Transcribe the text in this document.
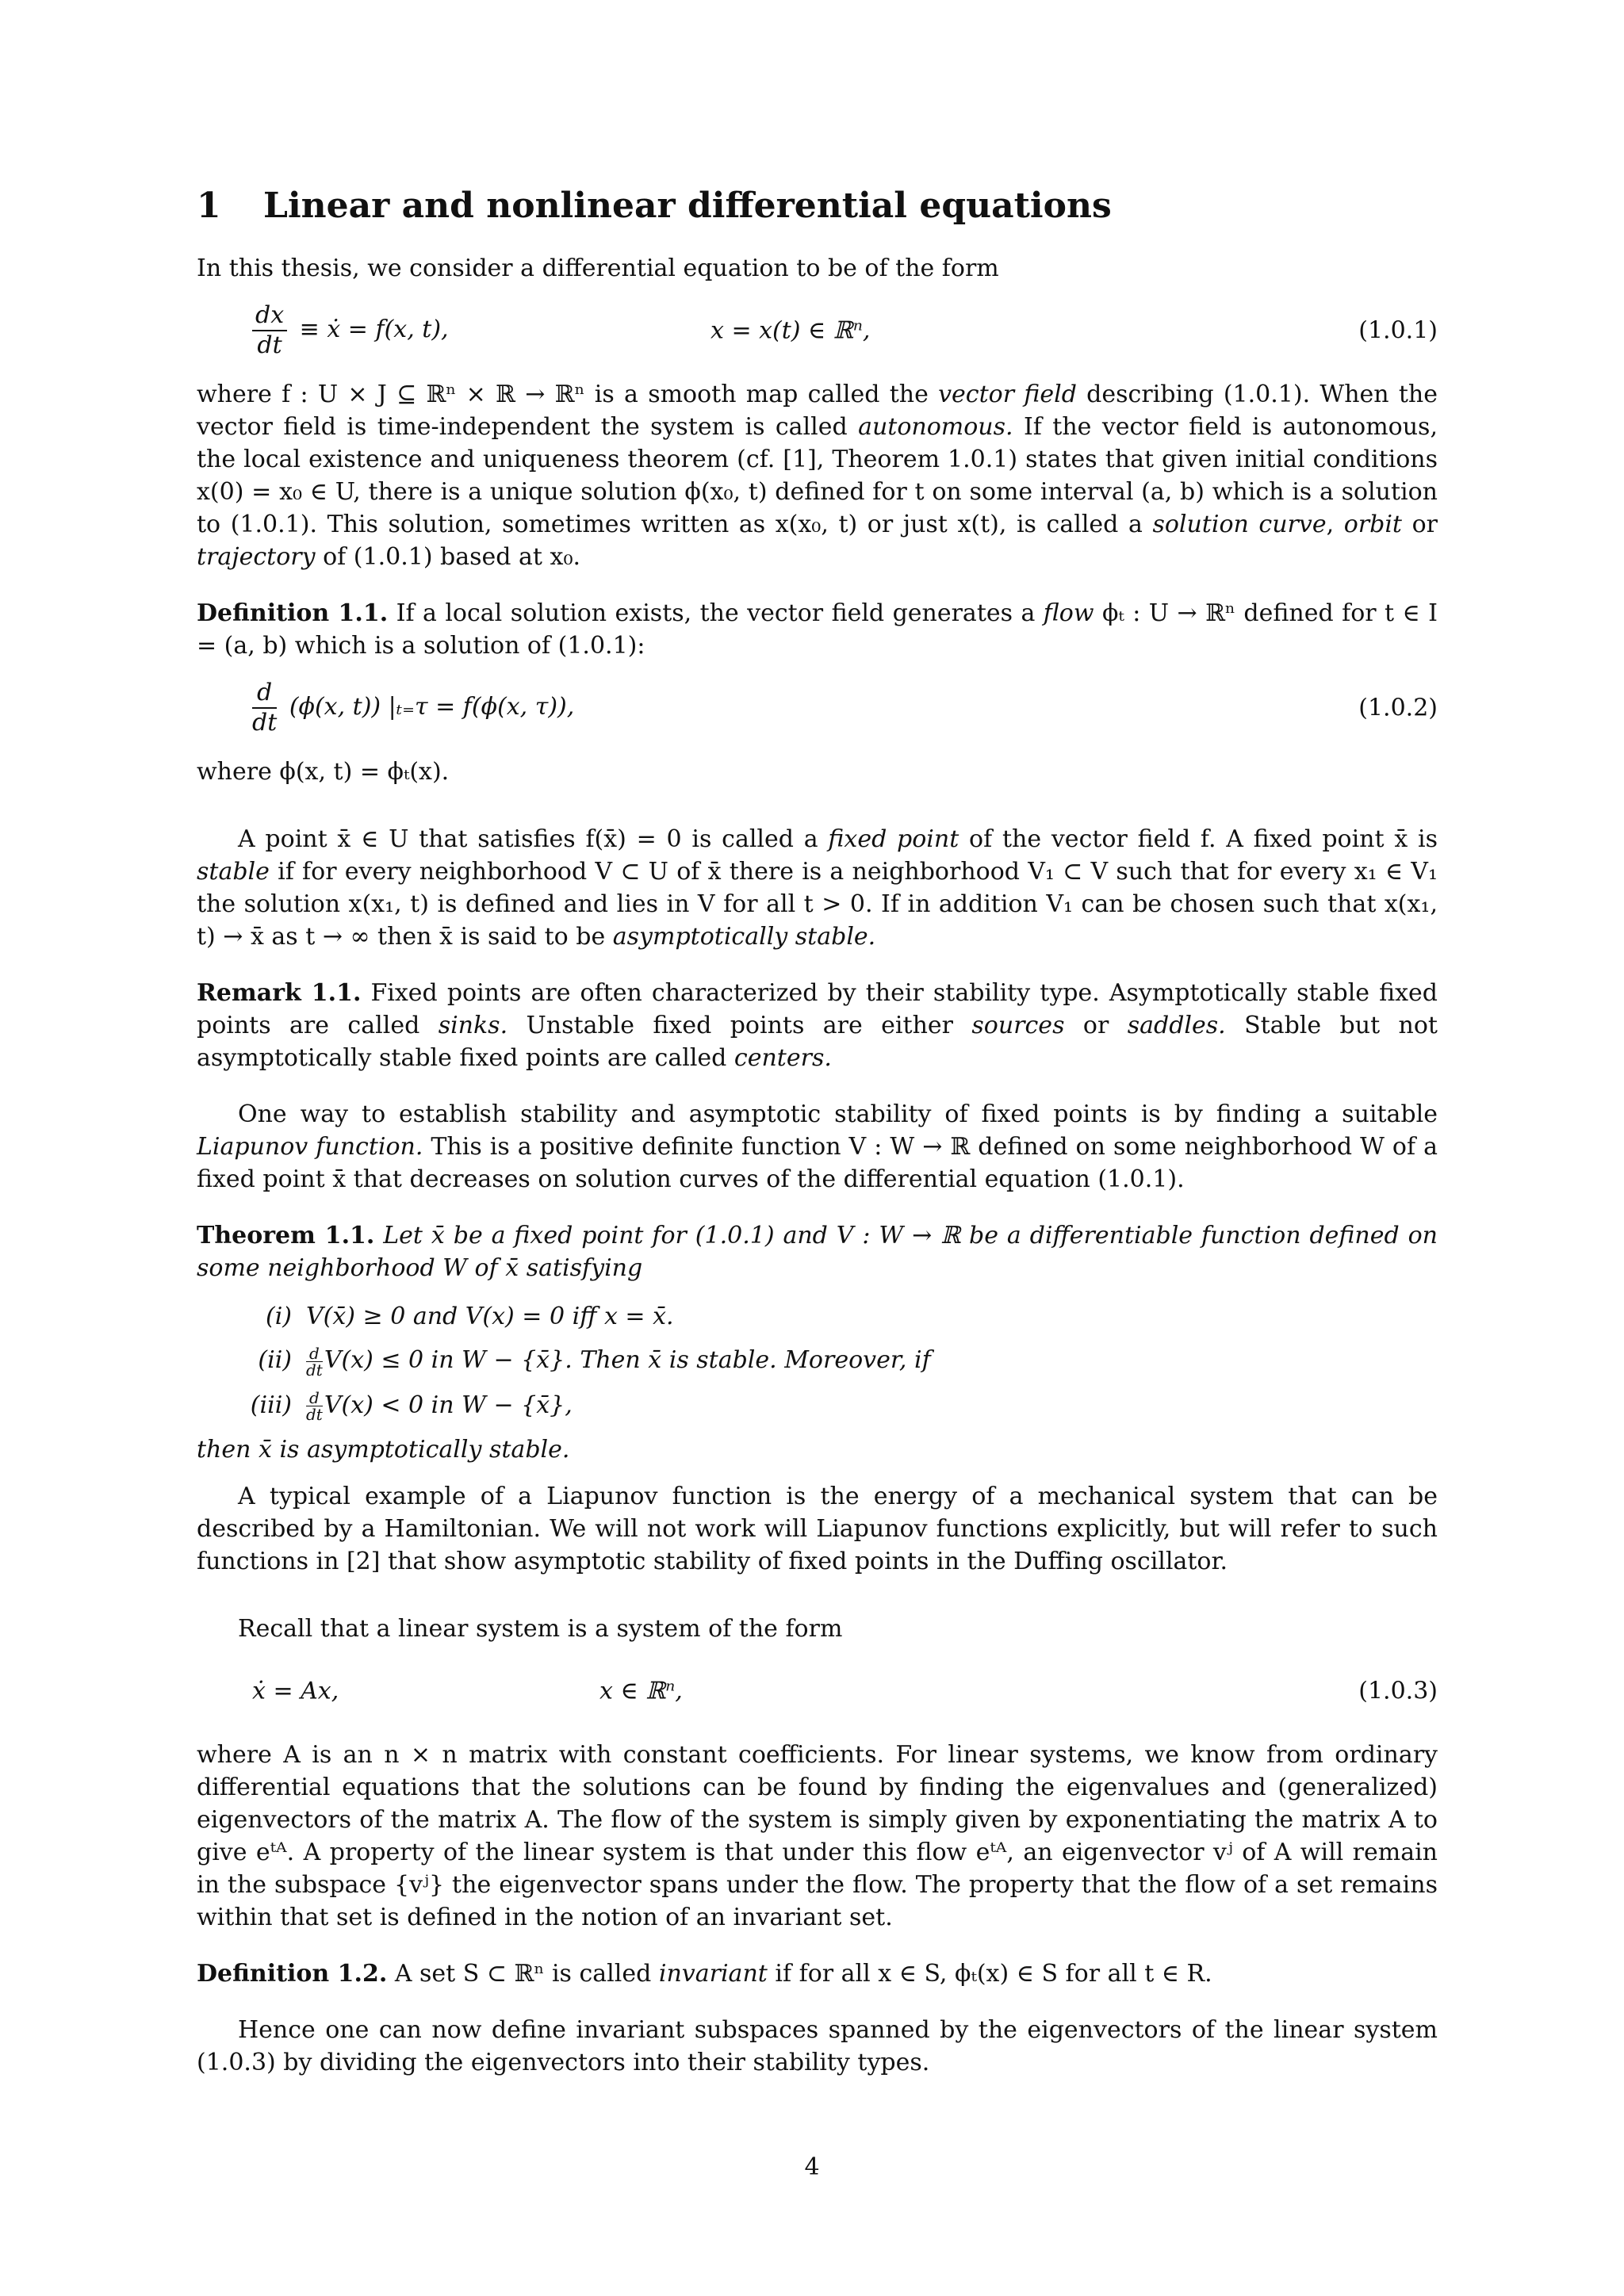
1 Linear and nonlinear differential equations

In this thesis, we consider a differential equation to be of the form

$\frac{dx}{dt}$ ≡ ẋ = f(x, t),	x = x(t) ∈ ℝⁿ,	(1.0.1)

where f : U × J ⊆ ℝⁿ × ℝ → ℝⁿ is a smooth map called the vector field describing (1.0.1). When the vector field is time-independent the system is called autonomous. If the vector field is autonomous, the local existence and uniqueness theorem (cf. [1], Theorem 1.0.1) states that given initial conditions x(0) = x₀ ∈ U, there is a unique solution ϕ(x₀, t) defined for t on some interval (a, b) which is a solution to (1.0.1). This solution, sometimes written as x(x₀, t) or just x(t), is called a solution curve, orbit or trajectory of (1.0.1) based at x₀.

Definition 1.1. If a local solution exists, the vector field generates a flow ϕₜ : U → ℝⁿ defined for t ∈ I = (a, b) which is a solution of (1.0.1):

$\frac{d}{dt} (\phi(x$, t)) |ₜ₌τ = f(ϕ(x, τ)),	(1.0.2)

where ϕ(x, t) = ϕₜ(x).

A point x̄ ∈ U that satisfies f(x̄) = 0 is called a fixed point of the vector field f. A fixed point x̄ is stable if for every neighborhood V ⊂ U of x̄ there is a neighborhood V₁ ⊂ V such that for every x₁ ∈ V₁ the solution x(x₁, t) is defined and lies in V for all t > 0. If in addition V₁ can be chosen such that x(x₁, t) → x̄ as t → ∞ then x̄ is said to be asymptotically stable.

Remark 1.1. Fixed points are often characterized by their stability type. Asymptotically stable fixed points are called sinks. Unstable fixed points are either sources or saddles. Stable but not asymptotically stable fixed points are called centers.

One way to establish stability and asymptotic stability of fixed points is by finding a suitable Liapunov function. This is a positive definite function V : W → ℝ defined on some neighborhood W of a fixed point x̄ that decreases on solution curves of the differential equation (1.0.1).

Theorem 1.1. Let x̄ be a fixed point for (1.0.1) and V : W → ℝ be a differentiable function defined on some neighborhood W of x̄ satisfying

(i) V(x̄) ≥ 0 and V(x) = 0 iff x = x̄.
$(ii) \frac{d}{dt} V(x) \le 0$ in W − {x̄}. Then x̄ is stable. Moreover, if
$(iii) \frac{d}{dt} V(x) < 0$ in W − {x̄},

then x̄ is asymptotically stable.

A typical example of a Liapunov function is the energy of a mechanical system that can be described by a Hamiltonian. We will not work will Liapunov functions explicitly, but will refer to such functions in [2] that show asymptotic stability of fixed points in the Duffing oscillator.

Recall that a linear system is a system of the form

ẋ = Ax,	x ∈ ℝⁿ,	(1.0.3)

where A is an n × n matrix with constant coefficients. For linear systems, we know from ordinary differential equations that the solutions can be found by finding the eigenvalues and (generalized) eigenvectors of the matrix A. The flow of the system is simply given by exponentiating the matrix A to give eᵗᴬ. A property of the linear system is that under this flow eᵗᴬ, an eigenvector vʲ of A will remain in the subspace {vʲ} the eigenvector spans under the flow. The property that the flow of a set remains within that set is defined in the notion of an invariant set.

Definition 1.2. A set S ⊂ ℝⁿ is called invariant if for all x ∈ S, ϕₜ(x) ∈ S for all t ∈ R.

Hence one can now define invariant subspaces spanned by the eigenvectors of the linear system (1.0.3) by dividing the eigenvectors into their stability types.

4
